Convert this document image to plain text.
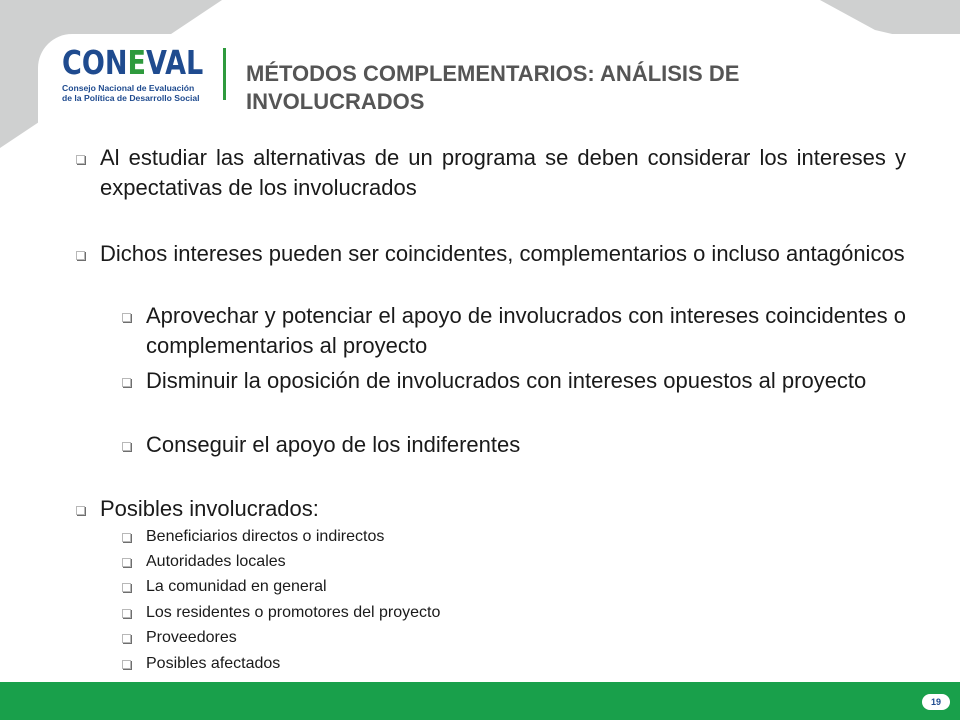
CONEVAL
Consejo Nacional de Evaluación
de la Política de Desarrollo Social
MÉTODOS COMPLEMENTARIOS: ANÁLISIS DE INVOLUCRADOS
Al estudiar las alternativas de un programa se deben considerar los intereses y expectativas de los involucrados
Dichos intereses pueden ser coincidentes, complementarios o incluso antagónicos
Aprovechar y potenciar el apoyo de involucrados con intereses coincidentes o complementarios al proyecto
Disminuir la oposición de involucrados con intereses opuestos al proyecto
Conseguir el apoyo de los indiferentes
Posibles involucrados:
Beneficiarios directos o indirectos
Autoridades locales
La comunidad en general
Los residentes o promotores del proyecto
Proveedores
Posibles afectados
19
